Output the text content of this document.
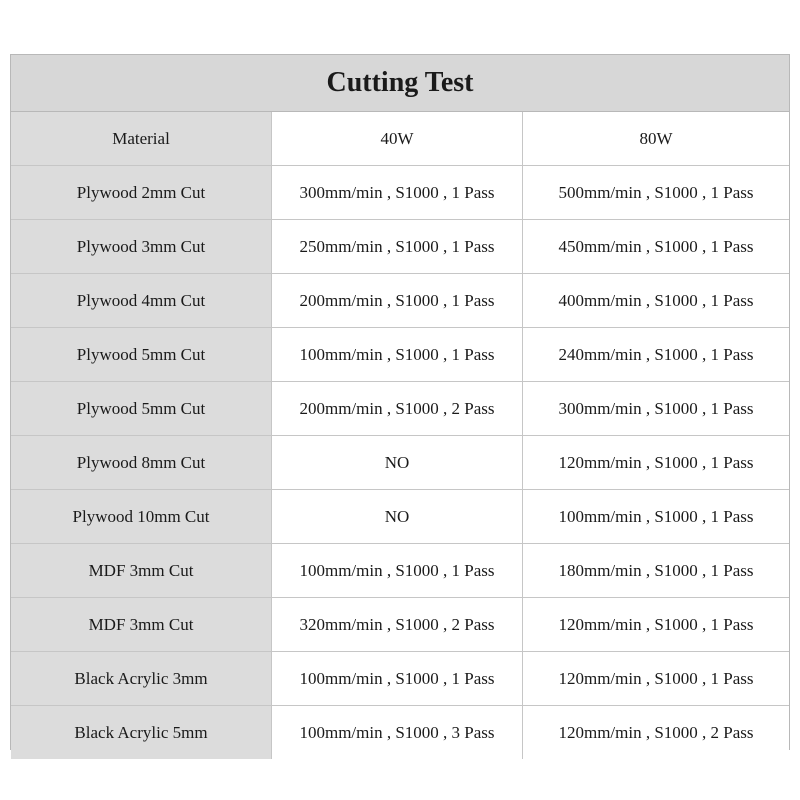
Cutting Test
Material	40W	80W
Plywood 2mm Cut	300mm/min , S1000 , 1 Pass	500mm/min , S1000 , 1 Pass
Plywood 3mm Cut	250mm/min , S1000 , 1 Pass	450mm/min , S1000 , 1 Pass
Plywood 4mm Cut	200mm/min , S1000 , 1 Pass	400mm/min , S1000 , 1 Pass
Plywood 5mm Cut	100mm/min , S1000 , 1 Pass	240mm/min , S1000 , 1 Pass
Plywood 5mm Cut	200mm/min , S1000 , 2 Pass	300mm/min , S1000 , 1 Pass
Plywood 8mm Cut	NO	120mm/min , S1000 , 1 Pass
Plywood 10mm Cut	NO	100mm/min , S1000 , 1 Pass
MDF 3mm Cut	100mm/min , S1000 , 1 Pass	180mm/min , S1000 , 1 Pass
MDF 3mm Cut	320mm/min , S1000 , 2 Pass	120mm/min , S1000 , 1 Pass
Black Acrylic 3mm	100mm/min , S1000 , 1 Pass	120mm/min , S1000 , 1 Pass
Black Acrylic 5mm	100mm/min , S1000 , 3 Pass	120mm/min , S1000 , 2 Pass
